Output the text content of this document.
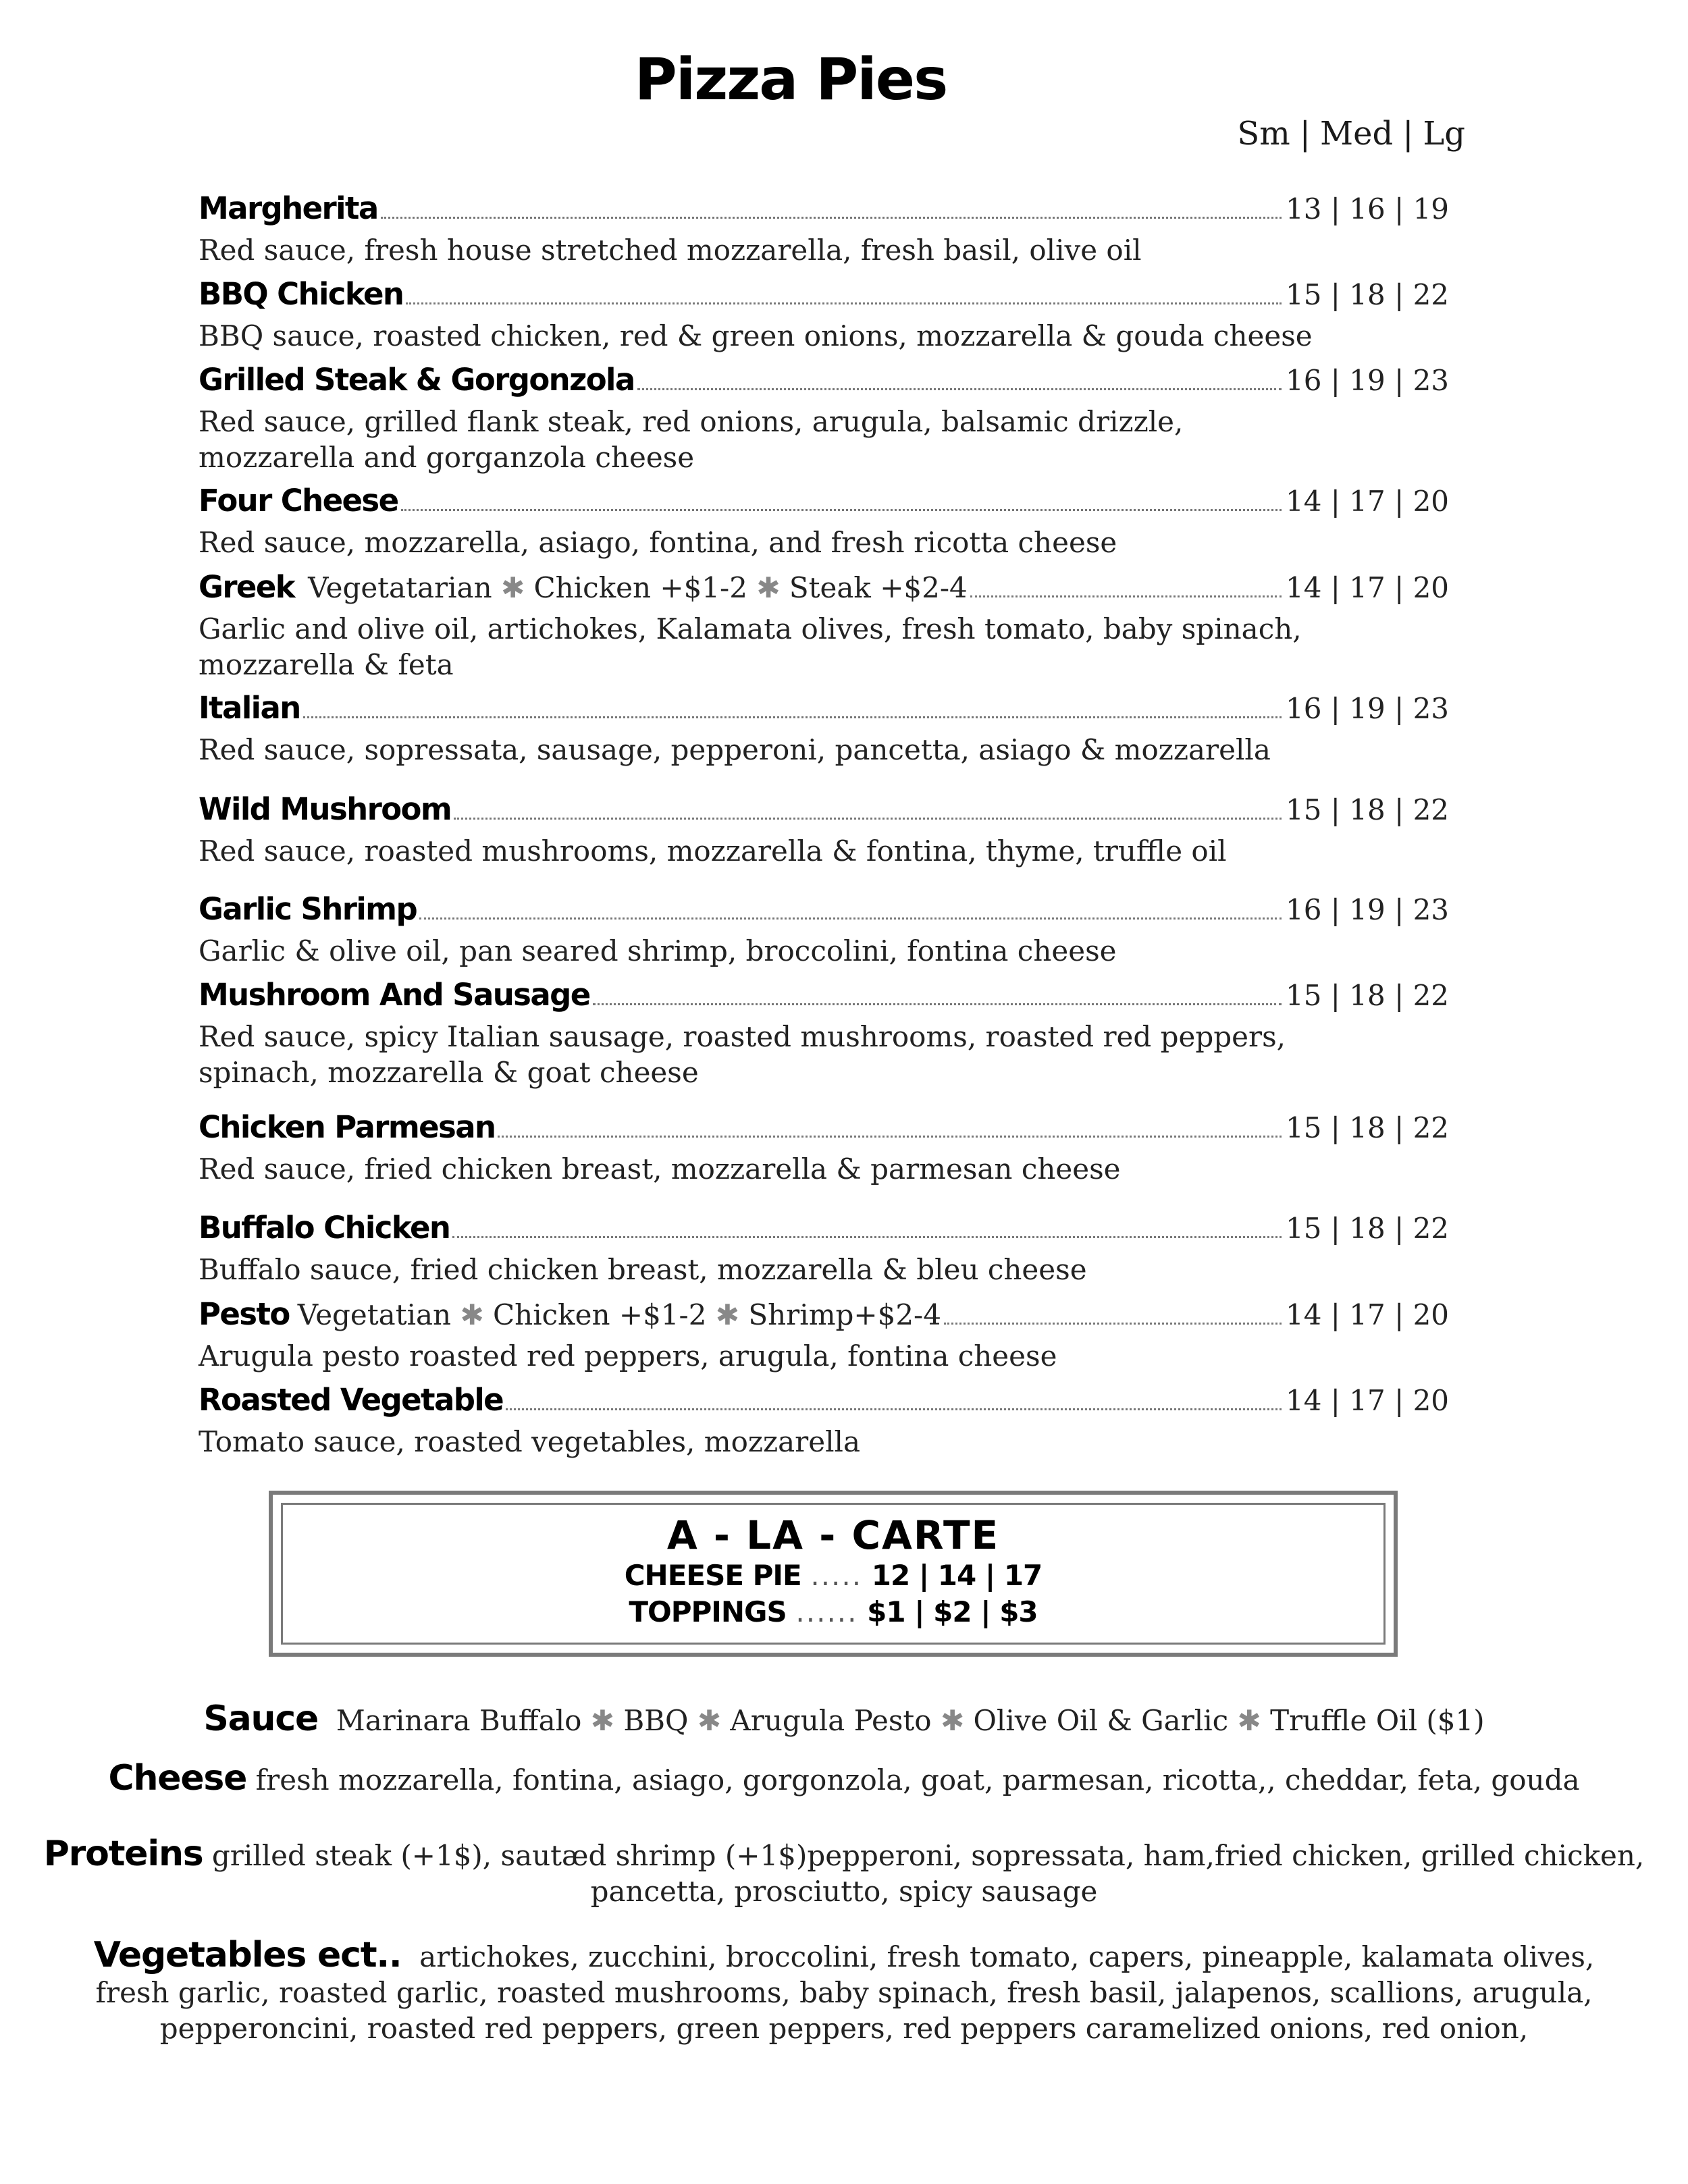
Pizza Pies
Sm | Med | Lg
Margherita	13 | 16 | 19
Red sauce, fresh house stretched mozzarella, fresh basil, olive oil
BBQ Chicken	15 | 18 | 22
BBQ sauce, roasted chicken, red & green onions, mozzarella & gouda cheese
Grilled Steak & Gorgonzola	16 | 19 | 23
Red sauce, grilled flank steak, red onions, arugula, balsamic drizzle, mozzarella and gorganzola cheese
Four Cheese	14 | 17 | 20
Red sauce, mozzarella, asiago, fontina, and fresh ricotta cheese
Greek Vegetatarian ✱ Chicken +$1-2 ✱ Steak +$2-4	14 | 17 | 20
Garlic and olive oil, artichokes, Kalamata olives, fresh tomato, baby spinach, mozzarella & feta
Italian	16 | 19 | 23
Red sauce, sopressata, sausage, pepperoni, pancetta, asiago & mozzarella
Wild Mushroom	15 | 18 | 22
Red sauce, roasted mushrooms, mozzarella & fontina, thyme, truffle oil
Garlic Shrimp	16 | 19 | 23
Garlic & olive oil, pan seared shrimp, broccolini, fontina cheese
Mushroom And Sausage	15 | 18 | 22
Red sauce, spicy Italian sausage, roasted mushrooms, roasted red peppers, spinach, mozzarella & goat cheese
Chicken Parmesan	15 | 18 | 22
Red sauce, fried chicken breast, mozzarella & parmesan cheese
Buffalo Chicken	15 | 18 | 22
Buffalo sauce, fried chicken breast, mozzarella & bleu cheese
Pesto Vegetatian ✱ Chicken +$1-2 ✱ Shrimp+$2-4	14 | 17 | 20
Arugula pesto roasted red peppers, arugula, fontina cheese
Roasted Vegetable	14 | 17 | 20
Tomato sauce, roasted vegetables, mozzarella
A - LA - CARTE
CHEESE PIE ..... 12 | 14 | 17
TOPPINGS ...... $1 | $2 | $3
Sauce Marinara Buffalo ✱ BBQ ✱ Arugula Pesto ✱ Olive Oil & Garlic ✱ Truffle Oil ($1)
Cheese fresh mozzarella, fontina, asiago, gorgonzola, goat, parmesan, ricotta,, cheddar, feta, gouda
Proteins grilled steak (+1$), sautæd shrimp (+1$)pepperoni, sopressata, ham,fried chicken, grilled chicken,
pancetta, prosciutto, spicy sausage
Vegetables ect.. artichokes, zucchini, broccolini, fresh tomato, capers, pineapple, kalamata olives,
fresh garlic, roasted garlic, roasted mushrooms, baby spinach, fresh basil, jalapenos, scallions, arugula,
pepperoncini, roasted red peppers, green peppers, red peppers caramelized onions, red onion,
